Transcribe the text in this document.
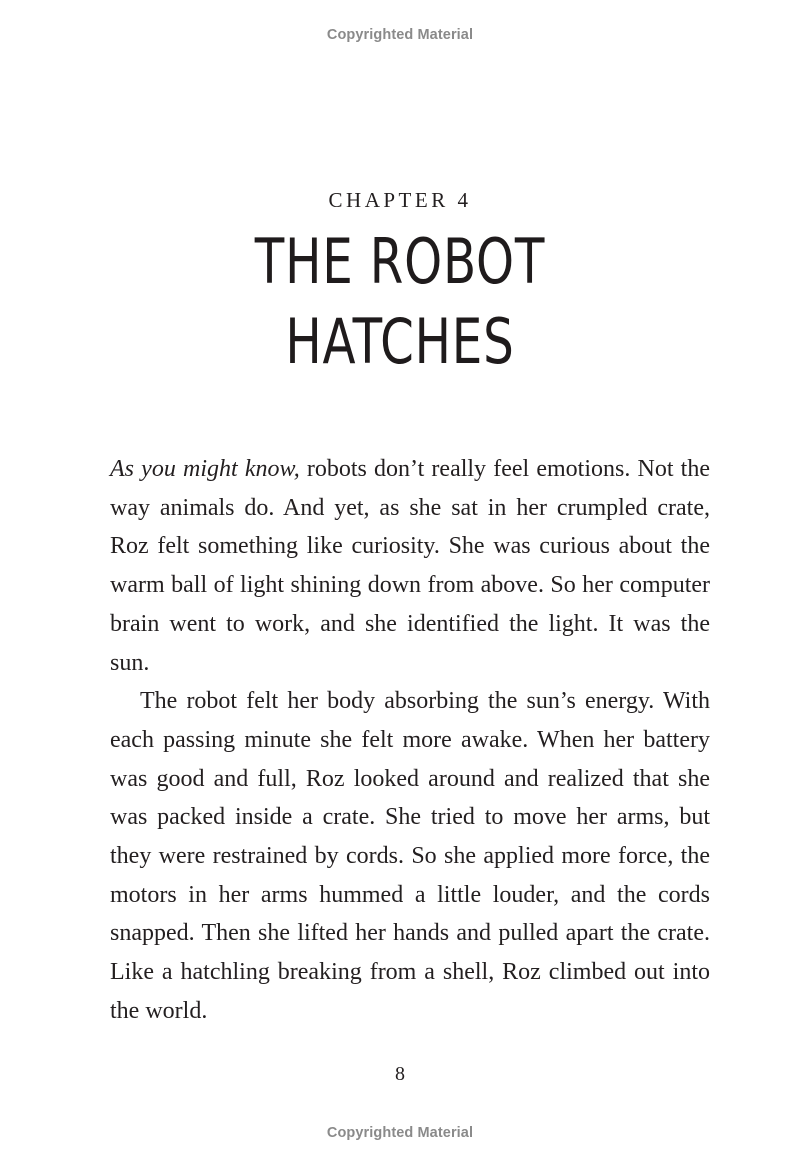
Copyrighted Material
CHAPTER 4
THE ROBOT
HATCHES

As you might know, robots don’t really feel emotions. Not the way animals do. And yet, as she sat in her crumpled crate, Roz felt something like curiosity. She was curious about the warm ball of light shining down from above. So her computer brain went to work, and she identified the light. It was the sun.

The robot felt her body absorbing the sun’s energy. With each passing minute she felt more awake. When her battery was good and full, Roz looked around and realized that she was packed inside a crate. She tried to move her arms, but they were restrained by cords. So she applied more force, the motors in her arms hummed a little louder, and the cords snapped. Then she lifted her hands and pulled apart the crate. Like a hatchling breaking from a shell, Roz climbed out into the world.

8
Copyrighted Material
